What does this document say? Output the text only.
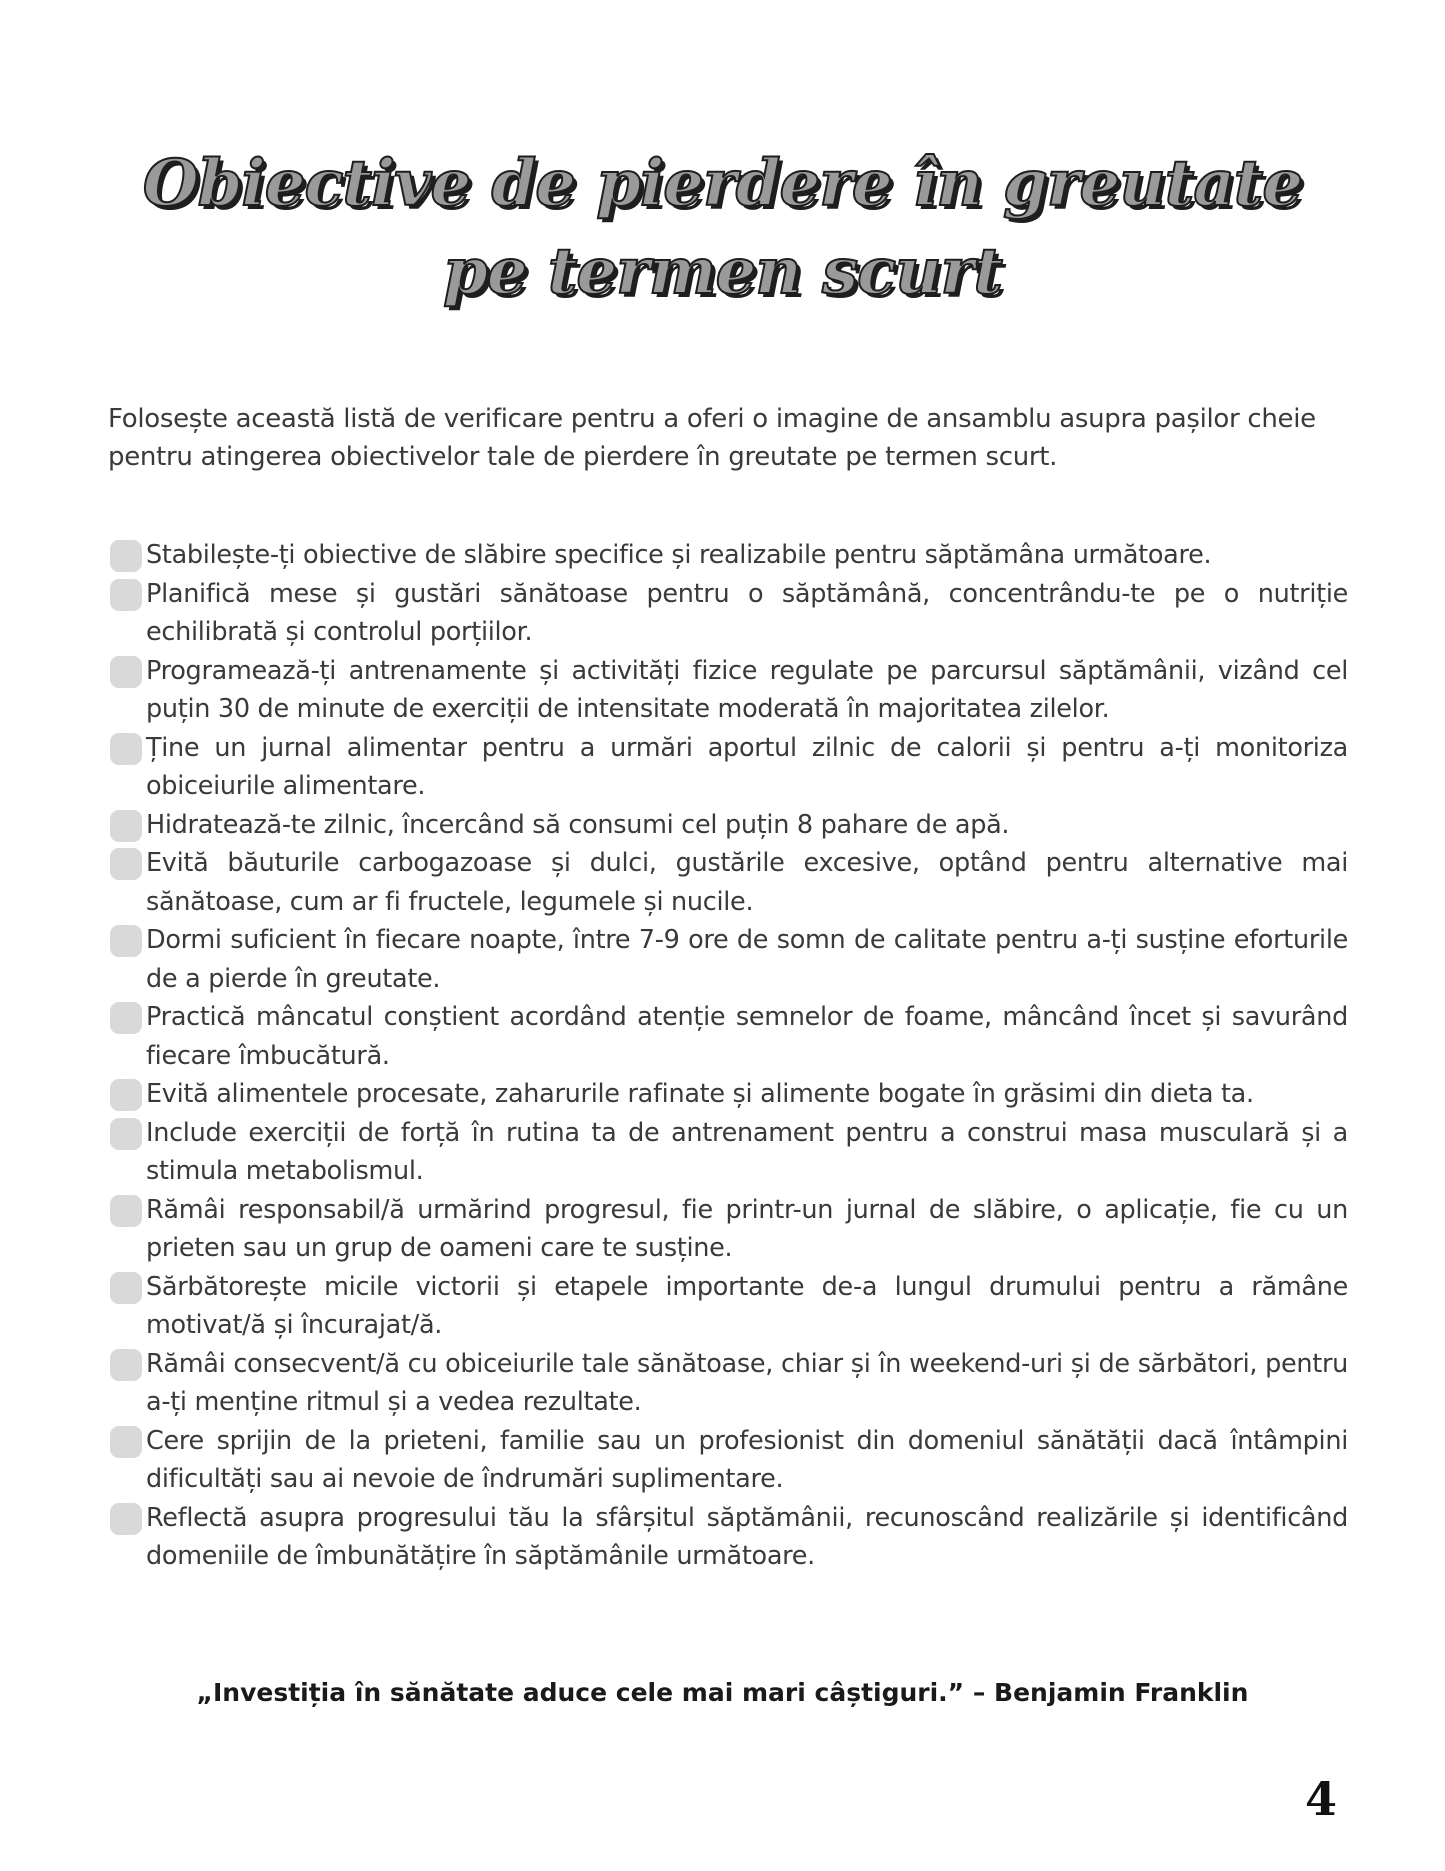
Obiective de pierdere în greutate
pe termen scurt

Folosește această listă de verificare pentru a oferi o imagine de ansamblu asupra pașilor cheie pentru atingerea obiectivelor tale de pierdere în greutate pe termen scurt.

Stabilește-ți obiective de slăbire specifice și realizabile pentru săptămâna următoare.
Planifică mese și gustări sănătoase pentru o săptămână, concentrându-te pe o nutriție echilibrată și controlul porțiilor.
Programează-ți antrenamente și activități fizice regulate pe parcursul săptămânii, vizând cel puțin 30 de minute de exerciții de intensitate moderată în majoritatea zilelor.
Ține un jurnal alimentar pentru a urmări aportul zilnic de calorii și pentru a-ți monitoriza obiceiurile alimentare.
Hidratează-te zilnic, încercând să consumi cel puțin 8 pahare de apă.
Evită băuturile carbogazoase și dulci, gustările excesive, optând pentru alternative mai sănătoase, cum ar fi fructele, legumele și nucile.
Dormi suficient în fiecare noapte, între 7-9 ore de somn de calitate pentru a-ți susține eforturile de a pierde în greutate.
Practică mâncatul conștient acordând atenție semnelor de foame, mâncând încet și savurând fiecare îmbucătură.
Evită alimentele procesate, zaharurile rafinate și alimente bogate în grăsimi din dieta ta.
Include exerciții de forță în rutina ta de antrenament pentru a construi masa musculară și a stimula metabolismul.
Rămâi responsabil/ă urmărind progresul, fie printr-un jurnal de slăbire, o aplicație, fie cu un prieten sau un grup de oameni care te susține.
Sărbătorește micile victorii și etapele importante de-a lungul drumului pentru a rămâne motivat/ă și încurajat/ă.
Rămâi consecvent/ă cu obiceiurile tale sănătoase, chiar și în weekend-uri și de sărbători, pentru a-ți menține ritmul și a vedea rezultate.
Cere sprijin de la prieteni, familie sau un profesionist din domeniul sănătății dacă întâmpini dificultăți sau ai nevoie de îndrumări suplimentare.
Reflectă asupra progresului tău la sfârșitul săptămânii, recunoscând realizările și identificând domeniile de îmbunătățire în săptămânile următoare.

„Investiția în sănătate aduce cele mai mari câștiguri.” – Benjamin Franklin

4
